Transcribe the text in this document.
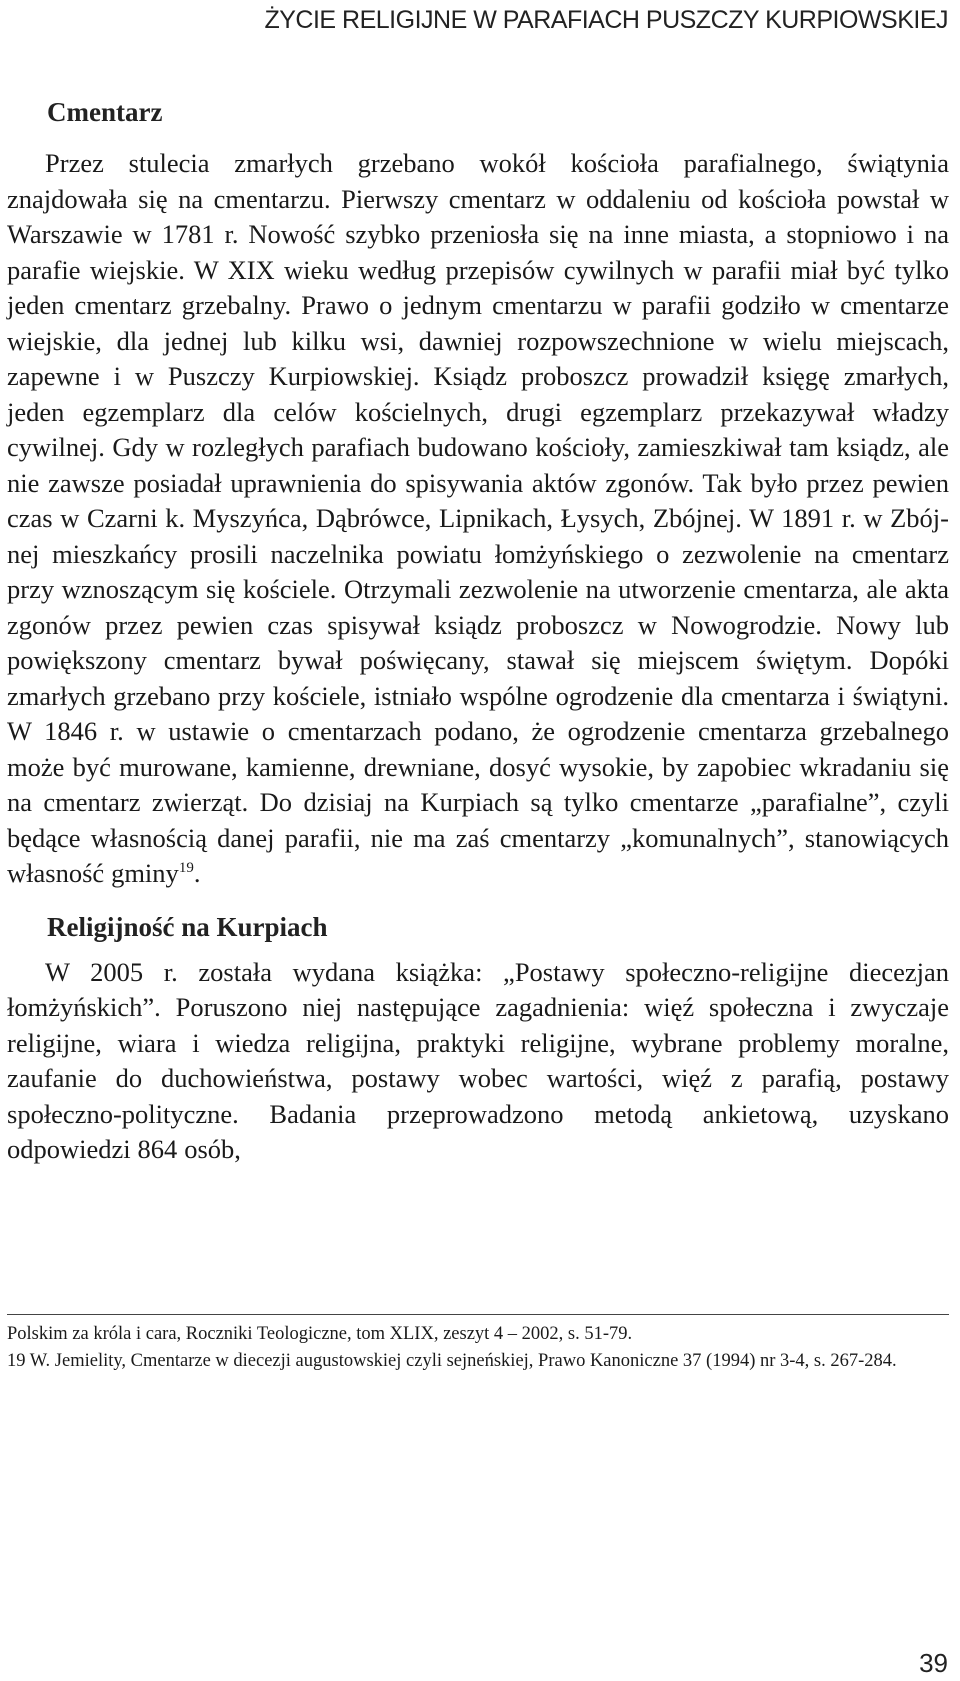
ŻYCIE RELIGIJNE W PARAFIACH PUSZCZY KURPIOWSKIEJ
Cmentarz

Przez stulecia zmarłych grzebano wokół kościoła parafialnego, świątynia znajdowała się na cmentarzu. Pierwszy cmentarz w oddaleniu od kościoła powstał w Warszawie w 1781 r. Nowość szybko przeniosła się na inne miasta, a stopniowo i na parafie wiejskie. W XIX wieku według przepisów cywilnych w parafii miał być tylko jeden cmentarz grzebalny. Prawo o jednym cmentarzu w parafii godziło w cmentarze wiejskie, dla jednej lub kilku wsi, dawniej rozpowszechnione w wielu miejscach, zapewne i w Puszczy Kurpiowskiej. Ksiądz proboszcz prowadził księgę zmarłych, jeden egzemplarz dla celów kościelnych, drugi egzemplarz przekazywał władzy cywilnej. Gdy w rozległych parafiach budowano kościoły, zamieszkiwał tam ksiądz, ale nie zawsze posiadał uprawnienia do spisywania aktów zgonów. Tak było przez pewien czas w Czarni k. Myszyńca, Dąbrówce, Lipnikach, Łysych, Zbójnej. W 1891 r. w Zbójnej mieszkańcy prosili naczelnika powiatu łomżyńskiego o zezwolenie na cmentarz przy wznoszącym się kościele. Otrzymali zezwolenie na utworzenie cmentarza, ale akta zgonów przez pewien czas spisywał ksiądz proboszcz w Nowogrodzie. Nowy lub powiększony cmentarz bywał poświęcany, stawał się miejscem świętym. Dopóki zmarłych grzebano przy kościele, istniało wspólne ogrodzenie dla cmentarza i świątyni. W 1846 r. w ustawie o cmentarzach podano, że ogrodzenie cmentarza grzebalnego może być murowane, kamienne, drewniane, dosyć wysokie, by zapobiec wkradaniu się na cmentarz zwierząt. Do dzisiaj na Kurpiach są tylko cmentarze „parafialne”, czyli będące własnością danej parafii, nie ma zaś cmentarzy „komunalnych”, stanowiących własność gminy$^{19}$.

Religijność na Kurpiach

W 2005 r. została wydana książka: „Postawy społeczno-religijne diecezjan łomżyńskich”. Poruszono niej następujące zagadnienia: więź społeczna i zwyczaje religijne, wiara i wiedza religijna, praktyki religijne, wybrane problemy moralne, zaufanie do duchowieństwa, postawy wobec wartości, więź z parafią, postawy społeczno-polityczne. Badania przeprowadzono metodą ankietową, uzyskano odpowiedzi 864 osób,

Polskim za króla i cara, Roczniki Teologiczne, tom XLIX, zeszyt 4 – 2002, s. 51-79.

19 W. Jemielity, Cmentarze w diecezji augustowskiej czyli sejneńskiej, Prawo Kanoniczne 37 (1994) nr 3-4, s. 267-284.

39
